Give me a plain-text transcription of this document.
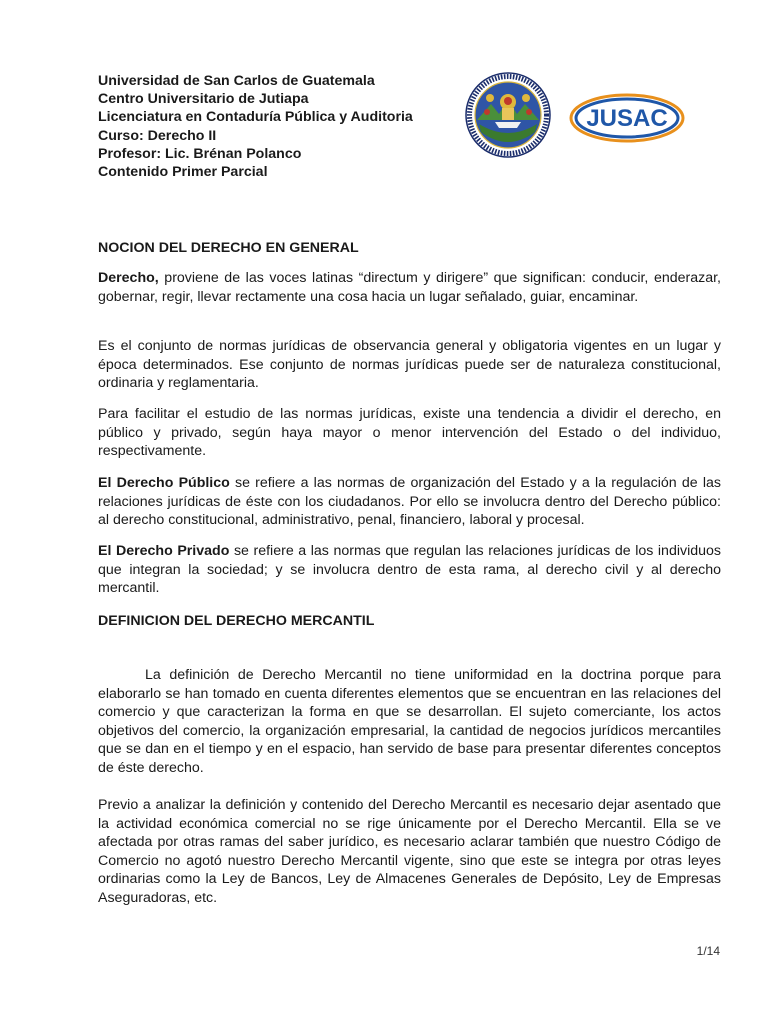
Universidad de San Carlos de Guatemala
Centro Universitario de Jutiapa
Licenciatura en Contaduría Pública y Auditoria
Curso: Derecho II
Profesor: Lic. Brénan Polanco
Contenido Primer Parcial
JUSAC
NOCION DEL DERECHO EN GENERAL

Derecho, proviene de las voces latinas “directum y dirigere” que significan: conducir, enderazar, gobernar, regir, llevar rectamente una cosa hacia un lugar señalado, guiar, encaminar.

Es el conjunto de normas jurídicas de observancia general y obligatoria vigentes en un lugar y época determinados. Ese conjunto de normas jurídicas puede ser de naturaleza constitucional, ordinaria y reglamentaria.

Para facilitar el estudio de las normas jurídicas, existe una tendencia a dividir el derecho, en público y privado, según haya mayor o menor intervención del Estado o del individuo, respectivamente.

El Derecho Público se refiere a las normas de organización del Estado y a la regulación de las relaciones jurídicas de éste con los ciudadanos. Por ello se involucra dentro del Derecho público: al derecho constitucional, administrativo, penal, financiero, laboral y procesal.

El Derecho Privado se refiere a las normas que regulan las relaciones jurídicas de los individuos que integran la sociedad; y se involucra dentro de esta rama, al derecho civil y al derecho mercantil.

DEFINICION DEL DERECHO MERCANTIL

La definición de Derecho Mercantil no tiene uniformidad en la doctrina porque para elaborarlo se han tomado en cuenta diferentes elementos que se encuentran en las relaciones del comercio y que caracterizan la forma en que se desarrollan. El sujeto comerciante, los actos objetivos del comercio, la organización empresarial, la cantidad de negocios jurídicos mercantiles que se dan en el tiempo y en el espacio, han servido de base para presentar diferentes conceptos de éste derecho.

Previo a analizar la definición y contenido del Derecho Mercantil es necesario dejar asentado que la actividad económica comercial no se rige únicamente por el Derecho Mercantil. Ella se ve afectada por otras ramas del saber jurídico, es necesario aclarar también que nuestro Código de Comercio no agotó nuestro Derecho Mercantil vigente, sino que este se integra por otras leyes ordinarias como la Ley de Bancos, Ley de Almacenes Generales de Depósito, Ley de Empresas Aseguradoras, etc.

1/14
